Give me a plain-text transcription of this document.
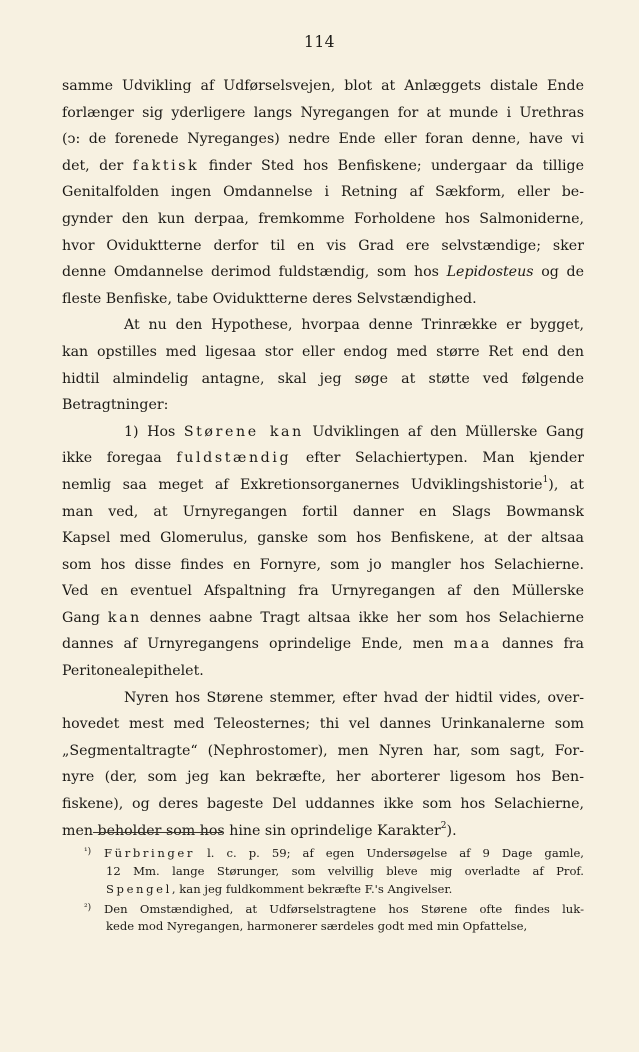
114
samme Udvikling af Udførselsvejen, blot at Anlæggets distale Ende
forlænger sig yderligere langs Nyregangen for at munde i Urethras
(ↄ: de forenede Nyreganges) nedre Ende eller foran denne, have vi
det, der faktisk finder Sted hos Benfiskene; undergaar da tillige
Genitalfolden ingen Omdannelse i Retning af Sækform, eller be-
gynder den kun derpaa, fremkomme Forholdene hos Salmoniderne,
hvor Oviduktterne derfor til en vis Grad ere selvstændige; sker
denne Omdannelse derimod fuldstændig, som hos Lepidosteus og de
fleste Benfiske, tabe Oviduktterne deres Selvstændighed.
At nu den Hypothese, hvorpaa denne Trinrække er bygget,
kan opstilles med ligesaa stor eller endog med større Ret end den
hidtil almindelig antagne, skal jeg søge at støtte ved følgende
Betragtninger:
1) Hos Størene kan Udviklingen af den Müllerske Gang
ikke foregaa fuldstændig efter Selachiertypen. Man kjender
nemlig saa meget af Exkretionsorganernes Udviklingshistorie$^1$), at
man ved, at Urnyregangen fortil danner en Slags Bowmansk
Kapsel med Glomerulus, ganske som hos Benfiskene, at der altsaa
som hos disse findes en Fornyre, som jo mangler hos Selachierne.
Ved en eventuel Afspaltning fra Urnyregangen af den Müllerske
Gang kan dennes aabne Tragt altsaa ikke her som hos Selachierne
dannes af Urnyregangens oprindelige Ende, men maa dannes fra
Peritonealepithelet.
Nyren hos Størene stemmer, efter hvad der hidtil vides, over-
hovedet mest med Teleosternes; thi vel dannes Urinkanalerne som
„Segmentaltragte“ (Nephrostomer), men Nyren har, som sagt, For-
nyre (der, som jeg kan bekræfte, her aborterer ligesom hos Ben-
fiskene), og deres bageste Del uddannes ikke som hos Selachierne,
men beholder som hos hine sin oprindelige Karakter$^2$).
¹) Fürbringer l. c. p. 59; af egen Undersøgelse af 9 Dage gamle,
12 Mm. lange Størunger, som velvillig bleve mig overladte af Prof.
Spengel, kan jeg fuldkomment bekræfte F.'s Angivelser.
²) Den Omstændighed, at Udførselstragtene hos Størene ofte findes luk-
kede mod Nyregangen, harmonerer særdeles godt med min Opfattelse,
